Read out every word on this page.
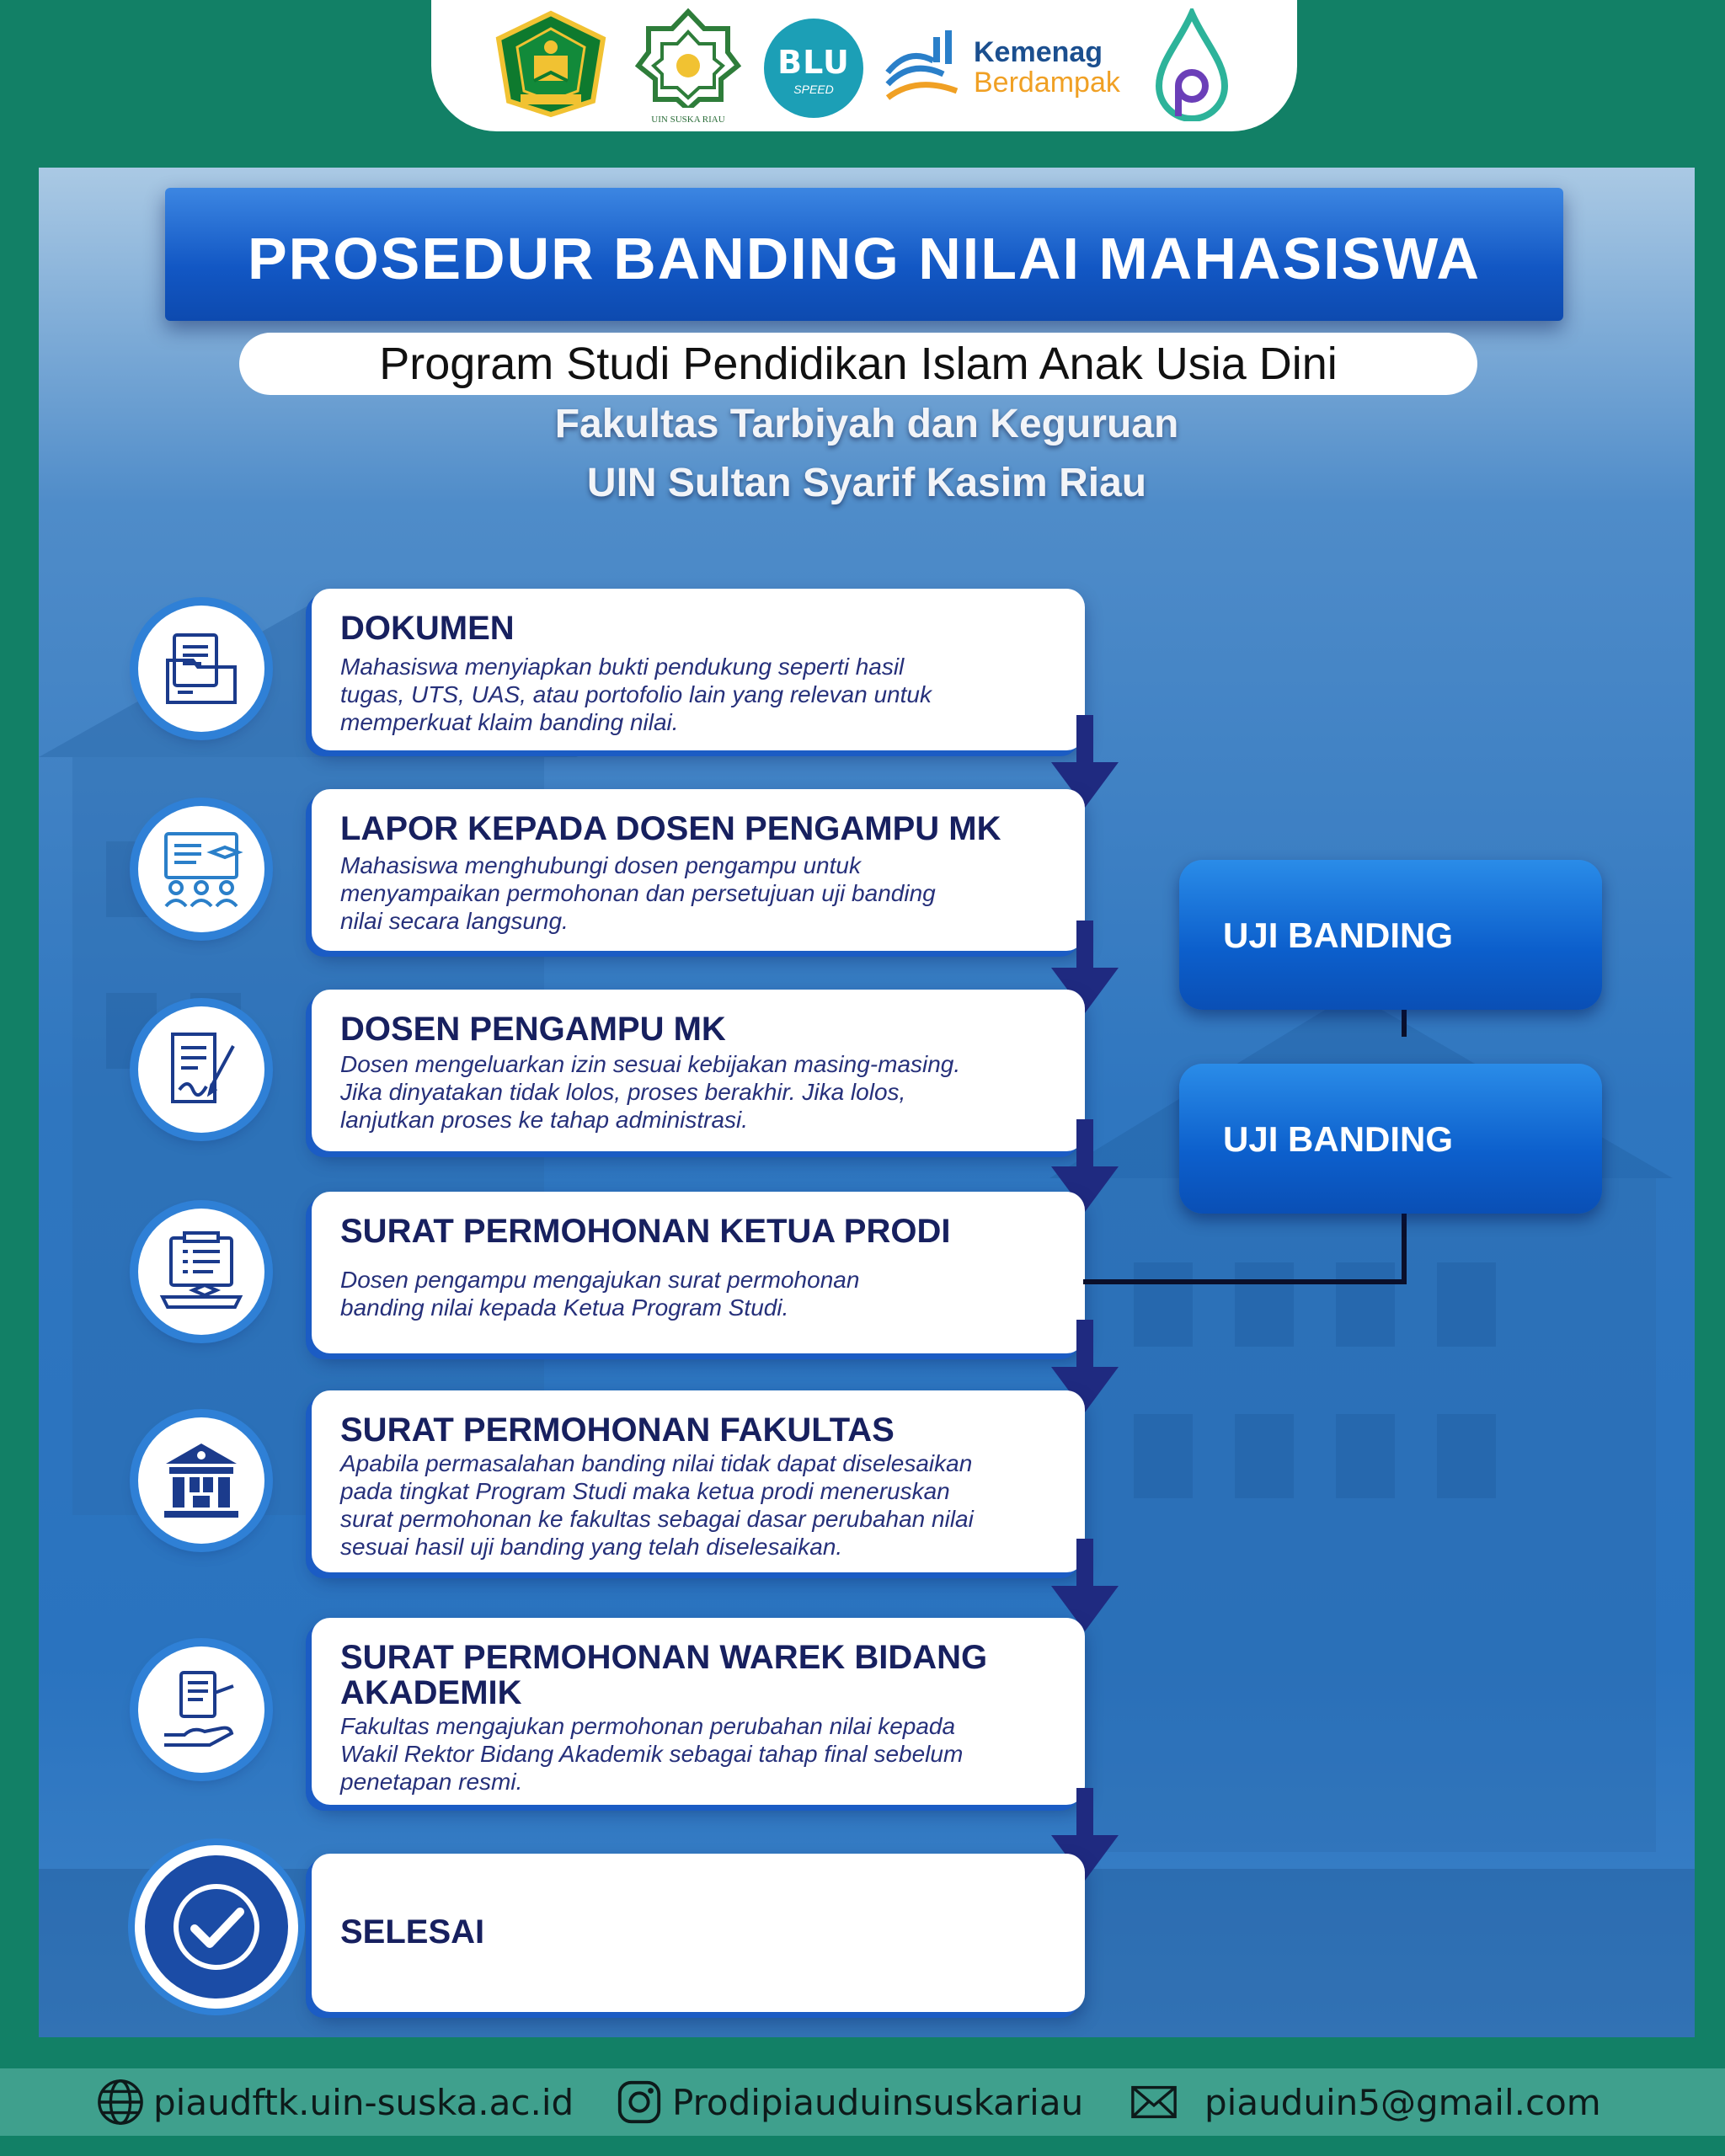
UIN SUSKA RIAU
BLU
SPEED
Kemenag
Berdampak
PROSEDUR BANDING NILAI MAHASISWA
Program Studi Pendidikan Islam Anak Usia Dini
Fakultas Tarbiyah dan Keguruan
UIN Sultan Syarif Kasim Riau
DOKUMEN
Mahasiswa menyiapkan bukti pendukung seperti hasil
tugas, UTS, UAS, atau portofolio lain yang relevan untuk
memperkuat klaim banding nilai.
LAPOR KEPADA DOSEN PENGAMPU MK
Mahasiswa menghubungi dosen pengampu untuk
menyampaikan permohonan dan persetujuan uji banding
nilai secara langsung.
DOSEN PENGAMPU MK
Dosen mengeluarkan izin sesuai kebijakan masing-masing.
Jika dinyatakan tidak lolos, proses berakhir. Jika lolos,
lanjutkan proses ke tahap administrasi.
SURAT PERMOHONAN KETUA PRODI
Dosen pengampu mengajukan surat permohonan
banding nilai kepada Ketua Program Studi.
SURAT PERMOHONAN FAKULTAS
Apabila permasalahan banding nilai tidak dapat diselesaikan
pada tingkat Program Studi maka ketua prodi meneruskan
surat permohonan ke fakultas sebagai dasar perubahan nilai
sesuai hasil uji banding yang telah diselesaikan.
SURAT PERMOHONAN WAREK BIDANG AKADEMIK
Fakultas mengajukan permohonan perubahan nilai kepada
Wakil Rektor Bidang Akademik sebagai tahap final sebelum
penetapan resmi.
SELESAI
UJI BANDING
UJI BANDING
piaudftk.uin-suska.ac.id	Prodipiauduinsuskariau	piauduin5@gmail.com
